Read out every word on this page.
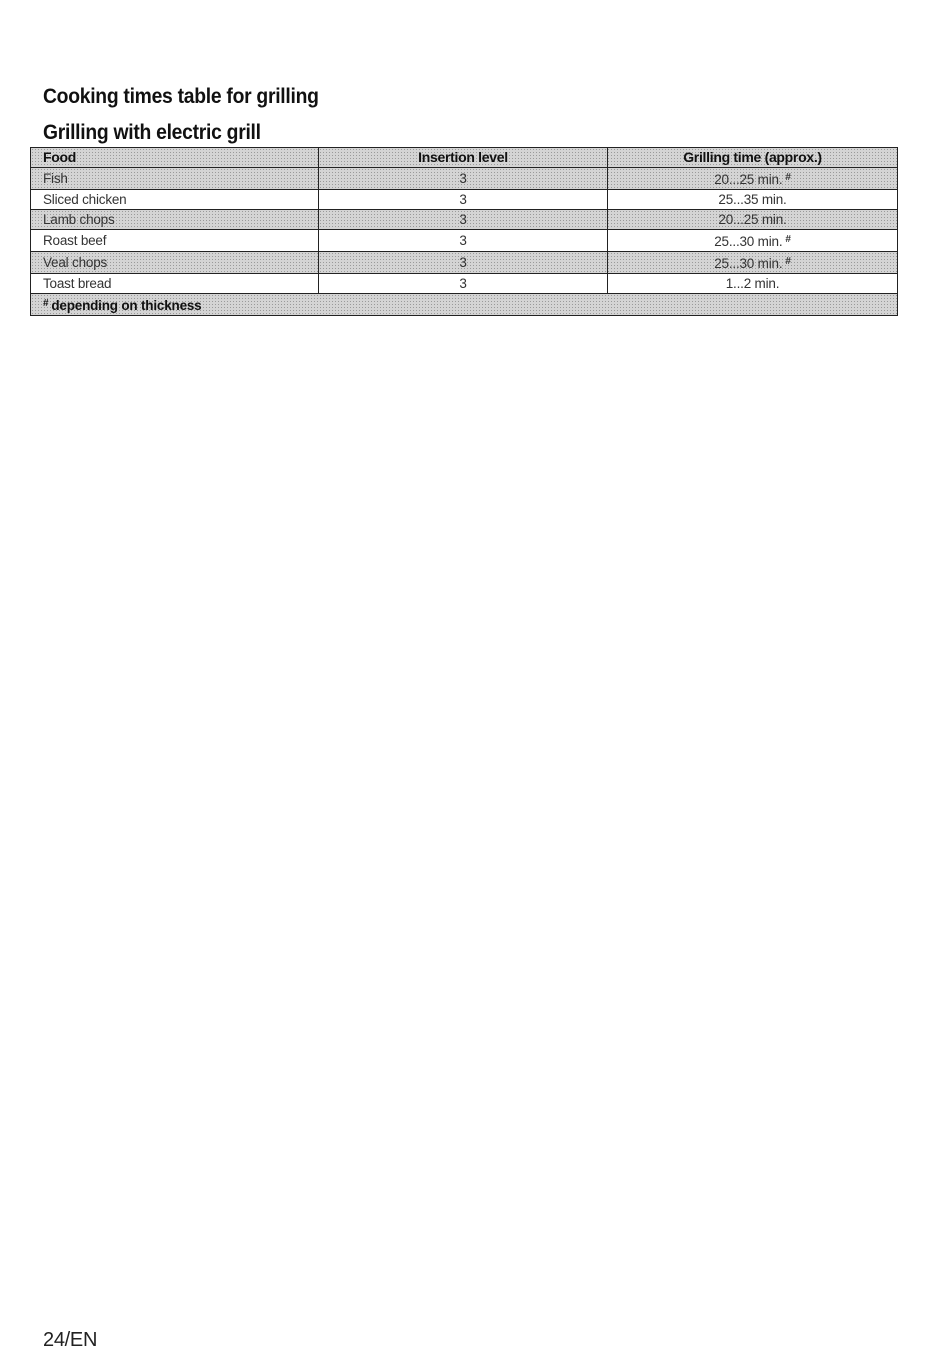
Cooking times table for grilling
Grilling with electric grill
Food	Insertion level	Grilling time (approx.)
Fish	3	20...25 min. #
Sliced chicken	3	25...35 min.
Lamb chops	3	20...25 min.
Roast beef	3	25...30 min. #
Veal chops	3	25...30 min. #
Toast bread	3	1...2 min.
# depending on thickness		
24/EN
